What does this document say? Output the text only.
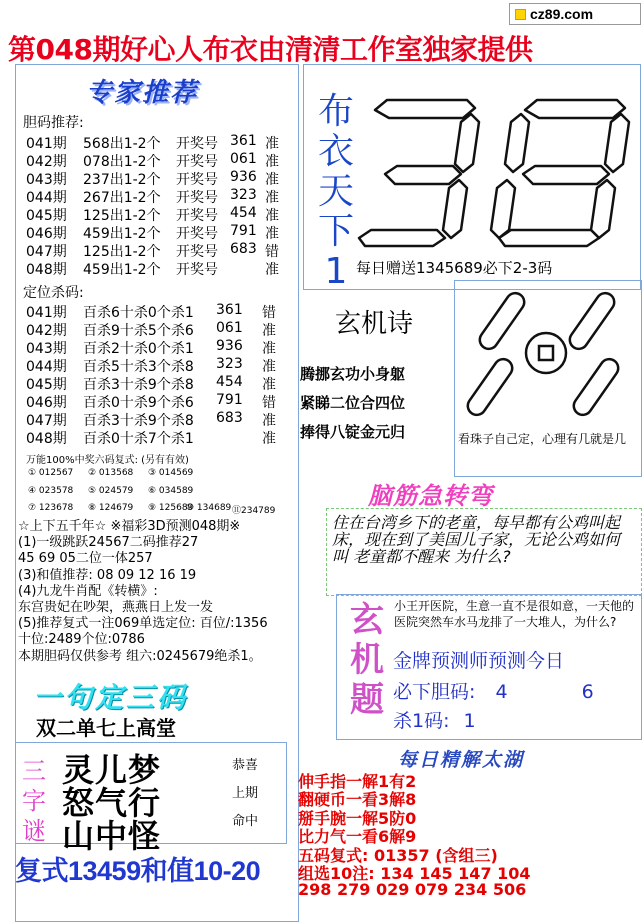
cz89.com
第048期好心人布衣由清清工作室独家提供
专家推荐
胆码推荐:
041期 568出1-2个 开奖号 361 准
042期 078出1-2个 开奖号 061 准
043期 237出1-2个 开奖号 936 准
044期 267出1-2个 开奖号 323 准
045期 125出1-2个 开奖号 454 准
046期 459出1-2个 开奖号 791 准
047期 125出1-2个 开奖号 683 错
048期 459出1-2个 开奖号	准
定位杀码:
041期 百杀6十杀0个杀1 361 错
042期 百杀9十杀5个杀6 061 准
043期 百杀2十杀0个杀1 936 准
044期 百杀5十杀3个杀8 323 准
045期 百杀3十杀9个杀8 454 准
046期 百杀0十杀9个杀6 791 错
047期 百杀3十杀9个杀8 683 准
048期 百杀0十杀7个杀1	准
万能100%中奖六码复式: (另有有效)
① 012567 ② 013568 ③ 014569
④ 023578 ⑤ 024579 ⑥ 034589
⑦ 123678 ⑧ 124679 ⑨ 125689
⑩ 134689 ⑪234789
☆上下五千年☆ ※福彩3D预测048期※
(1)一级跳跃24567二码推荐27
45 69 05二位一体257
(3)和值推荐: 08 09 12 16 19
(4)九龙牛肖配《转横》:
东宫贵妃在吵架，燕燕日上发一发
(5)推荐复式一注069单选定位: 百位/:1356
十位:2489个位:0786
本期胆码仅供参考 组六:0245679绝杀1。
布
衣
天
下
1 每日赠送1345689必下2-3码
玄机诗
腾挪玄功小身躯
紧睇二位合四位
捧得八锭金元归	看珠子自己定，心理有几就是几
脑筋急转弯
住在台湾乡下的老童，每早都有公鸡叫起床，现在到了美国儿子家，无论公鸡如何叫 老童都不醒来 为什么?
玄机题
小王开医院，生意一直不是很如意，一天他的医院突然车水马龙排了一大堆人，为什么?
金牌预测师预测今日
必下胆码: 4	6
杀1码: 1
每日精解太湖
伸手指一解1有2
翻硬币一看3解8
掰手腕一解5防0
比力气一看6解9
五码复式: 01357 (含组三)
组选10注: 134 145 147 104
298 279 029 079 234 506
一句定三码
双二单七上高堂
三字谜
灵儿梦
怒气行
山中怪
恭喜
上期
命中
复式13459和值10-20
